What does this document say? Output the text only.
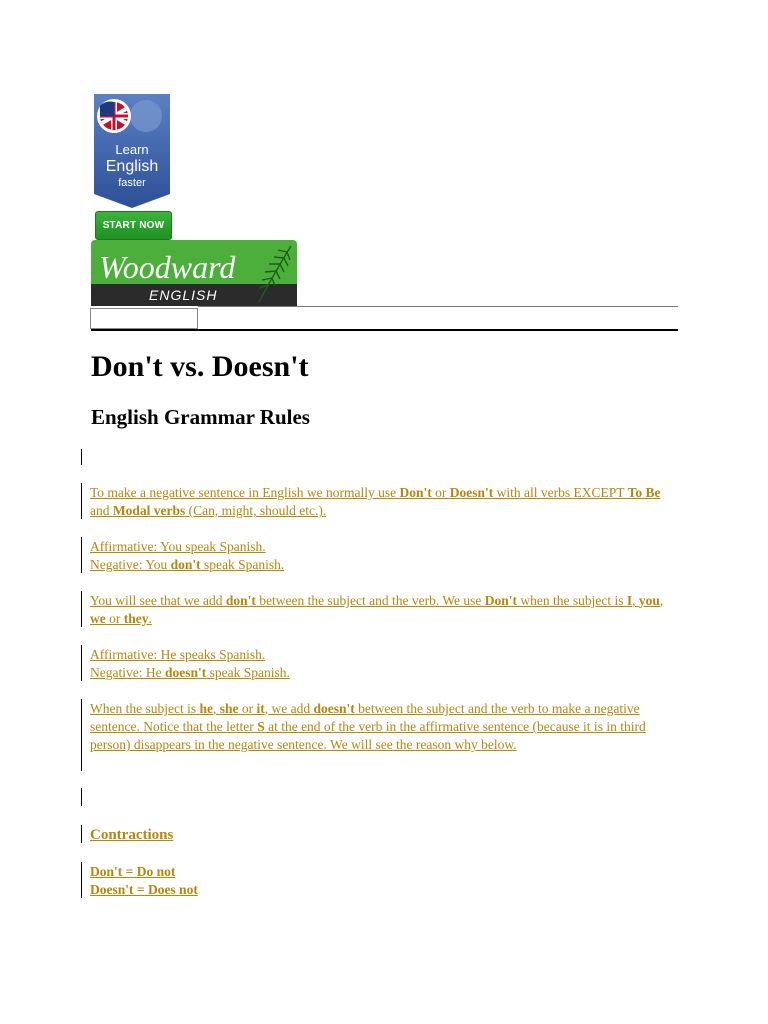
Learn
English
faster
START NOW
Woodward
ENGLISH
Don't vs. Doesn't
English Grammar Rules

To make a negative sentence in English we normally use Don't or Doesn't with all verbs EXCEPT To Be and Modal verbs (Can, might, should etc.).

Affirmative: You speak Spanish.
Negative: You don't speak Spanish.

You will see that we add don't between the subject and the verb. We use Don't when the subject is I, you, we or they.

Affirmative: He speaks Spanish.
Negative: He doesn't speak Spanish.

When the subject is he, she or it, we add doesn't between the subject and the verb to make a negative sentence. Notice that the letter S at the end of the verb in the affirmative sentence (because it is in third person) disappears in the negative sentence. We will see the reason why below.

Contractions

Don't = Do not

Doesn't = Does not
